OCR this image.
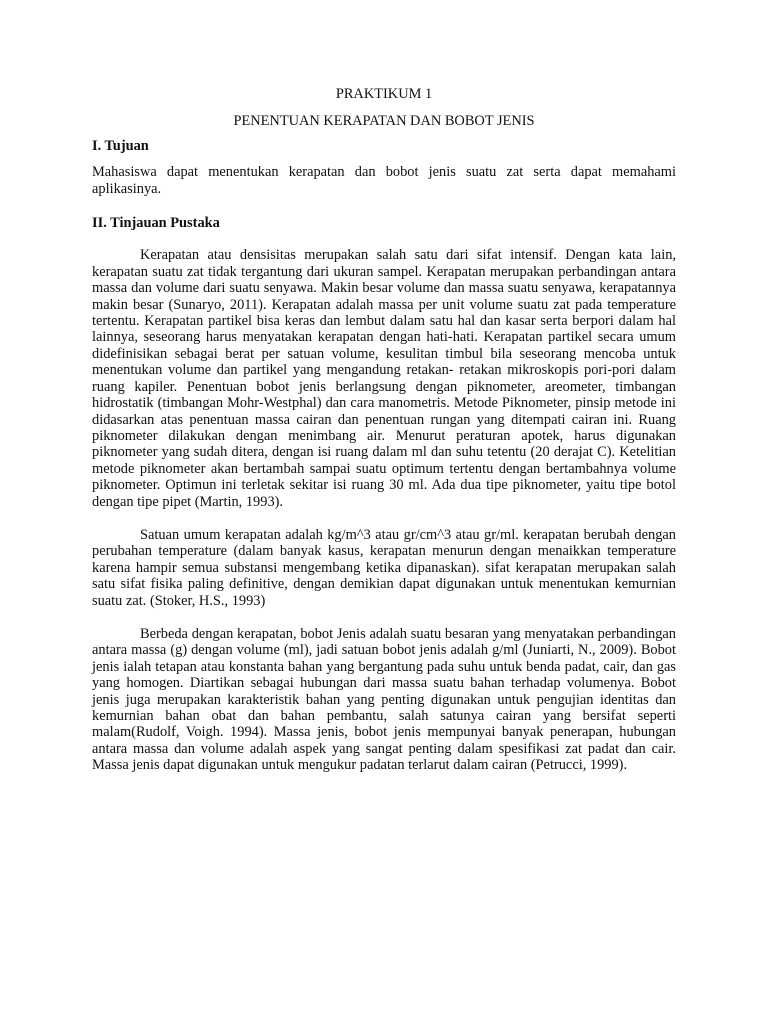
PRAKTIKUM 1

PENENTUAN KERAPATAN DAN BOBOT JENIS

I. Tujuan

Mahasiswa dapat menentukan kerapatan dan bobot jenis suatu zat serta dapat memahami aplikasinya.

II. Tinjauan Pustaka

Kerapatan atau densisitas merupakan salah satu dari sifat intensif. Dengan kata lain, kerapatan suatu zat tidak tergantung dari ukuran sampel. Kerapatan merupakan perbandingan antara massa dan volume dari suatu senyawa. Makin besar volume dan massa suatu senyawa, kerapatannya makin besar (Sunaryo, 2011). Kerapatan adalah massa per unit volume suatu zat pada temperature tertentu. Kerapatan partikel bisa keras dan lembut dalam satu hal dan kasar serta berpori dalam hal lainnya, seseorang harus menyatakan kerapatan dengan hati-hati. Kerapatan partikel secara umum didefinisikan sebagai berat per satuan volume, kesulitan timbul bila seseorang mencoba untuk menentukan volume dan partikel yang mengandung retakan- retakan mikroskopis pori-pori dalam ruang kapiler. Penentuan bobot jenis berlangsung dengan piknometer, areometer, timbangan hidrostatik (timbangan Mohr-Westphal) dan cara manometris. Metode Piknometer, pinsip metode ini didasarkan atas penentuan massa cairan dan penentuan rungan yang ditempati cairan ini. Ruang piknometer dilakukan dengan menimbang air. Menurut peraturan apotek, harus digunakan piknometer yang sudah ditera, dengan isi ruang dalam ml dan suhu tetentu (20 derajat C). Ketelitian metode piknometer akan bertambah sampai suatu optimum tertentu dengan bertambahnya volume piknometer. Optimun ini terletak sekitar isi ruang 30 ml. Ada dua tipe piknometer, yaitu tipe botol dengan tipe pipet (Martin, 1993).

Satuan umum kerapatan adalah kg/m^3 atau gr/cm^3 atau gr/ml. kerapatan berubah dengan perubahan temperature (dalam banyak kasus, kerapatan menurun dengan menaikkan temperature karena hampir semua substansi mengembang ketika dipanaskan). sifat kerapatan merupakan salah satu sifat fisika paling definitive, dengan demikian dapat digunakan untuk menentukan kemurnian suatu zat. (Stoker, H.S., 1993)

Berbeda dengan kerapatan, bobot Jenis adalah suatu besaran yang menyatakan perbandingan antara massa (g) dengan volume (ml), jadi satuan bobot jenis adalah g/ml (Juniarti, N., 2009). Bobot jenis ialah tetapan atau konstanta bahan yang bergantung pada suhu untuk benda padat, cair, dan gas yang homogen. Diartikan sebagai hubungan dari massa suatu bahan terhadap volumenya. Bobot jenis juga merupakan karakteristik bahan yang penting digunakan untuk pengujian identitas dan kemurnian bahan obat dan bahan pembantu, salah satunya cairan yang bersifat seperti malam(Rudolf, Voigh. 1994). Massa jenis, bobot jenis mempunyai banyak penerapan, hubungan antara massa dan volume adalah aspek yang sangat penting dalam spesifikasi zat padat dan cair. Massa jenis dapat digunakan untuk mengukur padatan terlarut dalam cairan (Petrucci, 1999).
